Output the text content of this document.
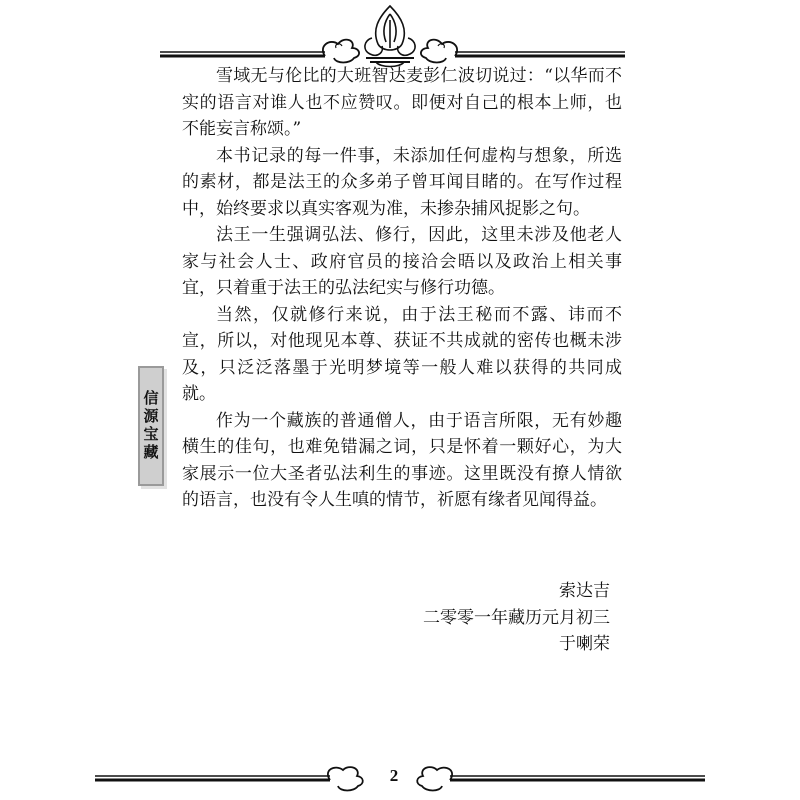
信源宝藏

雪域无与伦比的大班智达麦彭仁波切说过：“以华而不实的语言对谁人也不应赞叹。即便对自己的根本上师，也不能妄言称颂。”

本书记录的每一件事，未添加任何虚构与想象，所选的素材，都是法王的众多弟子曾耳闻目睹的。在写作过程中，始终要求以真实客观为准，未掺杂捕风捉影之句。

法王一生强调弘法、修行，因此，这里未涉及他老人家与社会人士、政府官员的接洽会晤以及政治上相关事宜，只着重于法王的弘法纪实与修行功德。

当然，仅就修行来说，由于法王秘而不露、讳而不宣，所以，对他现见本尊、获证不共成就的密传也概未涉及，只泛泛落墨于光明梦境等一般人难以获得的共同成就。

作为一个藏族的普通僧人，由于语言所限，无有妙趣横生的佳句，也难免错漏之词，只是怀着一颗好心，为大家展示一位大圣者弘法利生的事迹。这里既没有撩人情欲的语言，也没有令人生嗔的情节，祈愿有缘者见闻得益。

索达吉
二零零一年藏历元月初三
于喇荣
2
